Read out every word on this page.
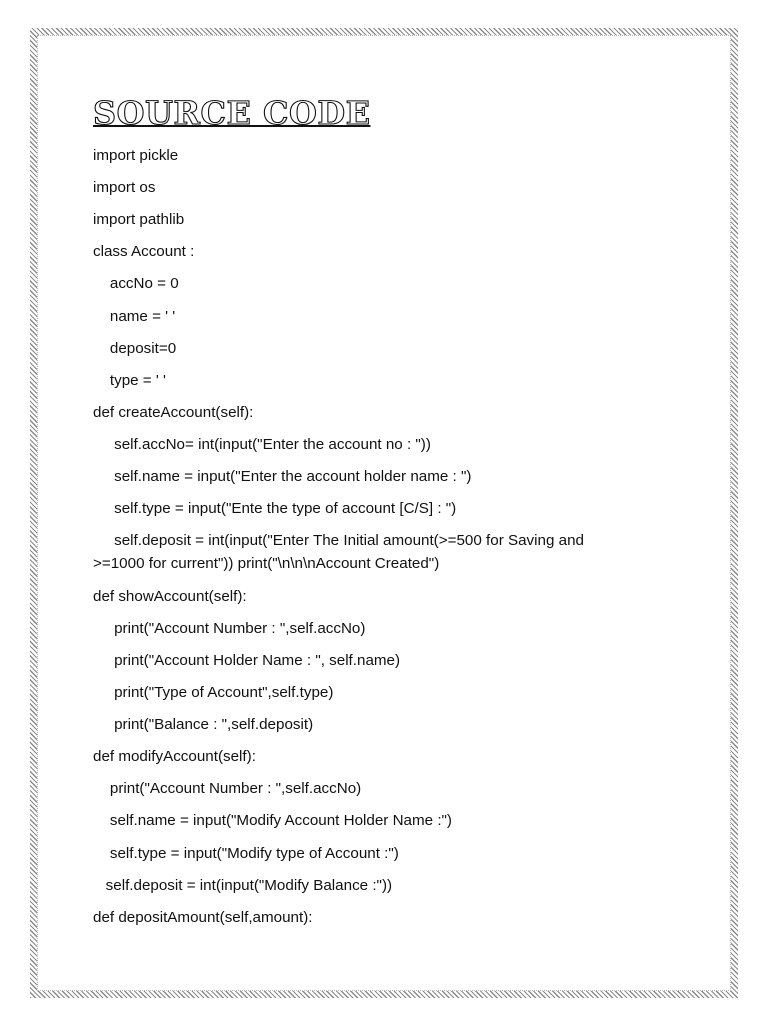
SOURCE CODE
import pickle
import os
import pathlib
class Account :
accNo = 0
name = ' '
deposit=0
type = ' '
def createAccount(self):
self.accNo= int(input("Enter the account no : "))
self.name = input("Enter the account holder name : ")
self.type = input("Ente the type of account [C/S] : ")
self.deposit = int(input("Enter The Initial amount(>=500 for Saving and
>=1000 for current")) print("\n\n\nAccount Created")
def showAccount(self):
print("Account Number : ",self.accNo)
print("Account Holder Name : ", self.name)
print("Type of Account",self.type)
print("Balance : ",self.deposit)
def modifyAccount(self):
print("Account Number : ",self.accNo)
self.name = input("Modify Account Holder Name :")
self.type = input("Modify type of Account :")
self.deposit = int(input("Modify Balance :"))
def depositAmount(self,amount):
